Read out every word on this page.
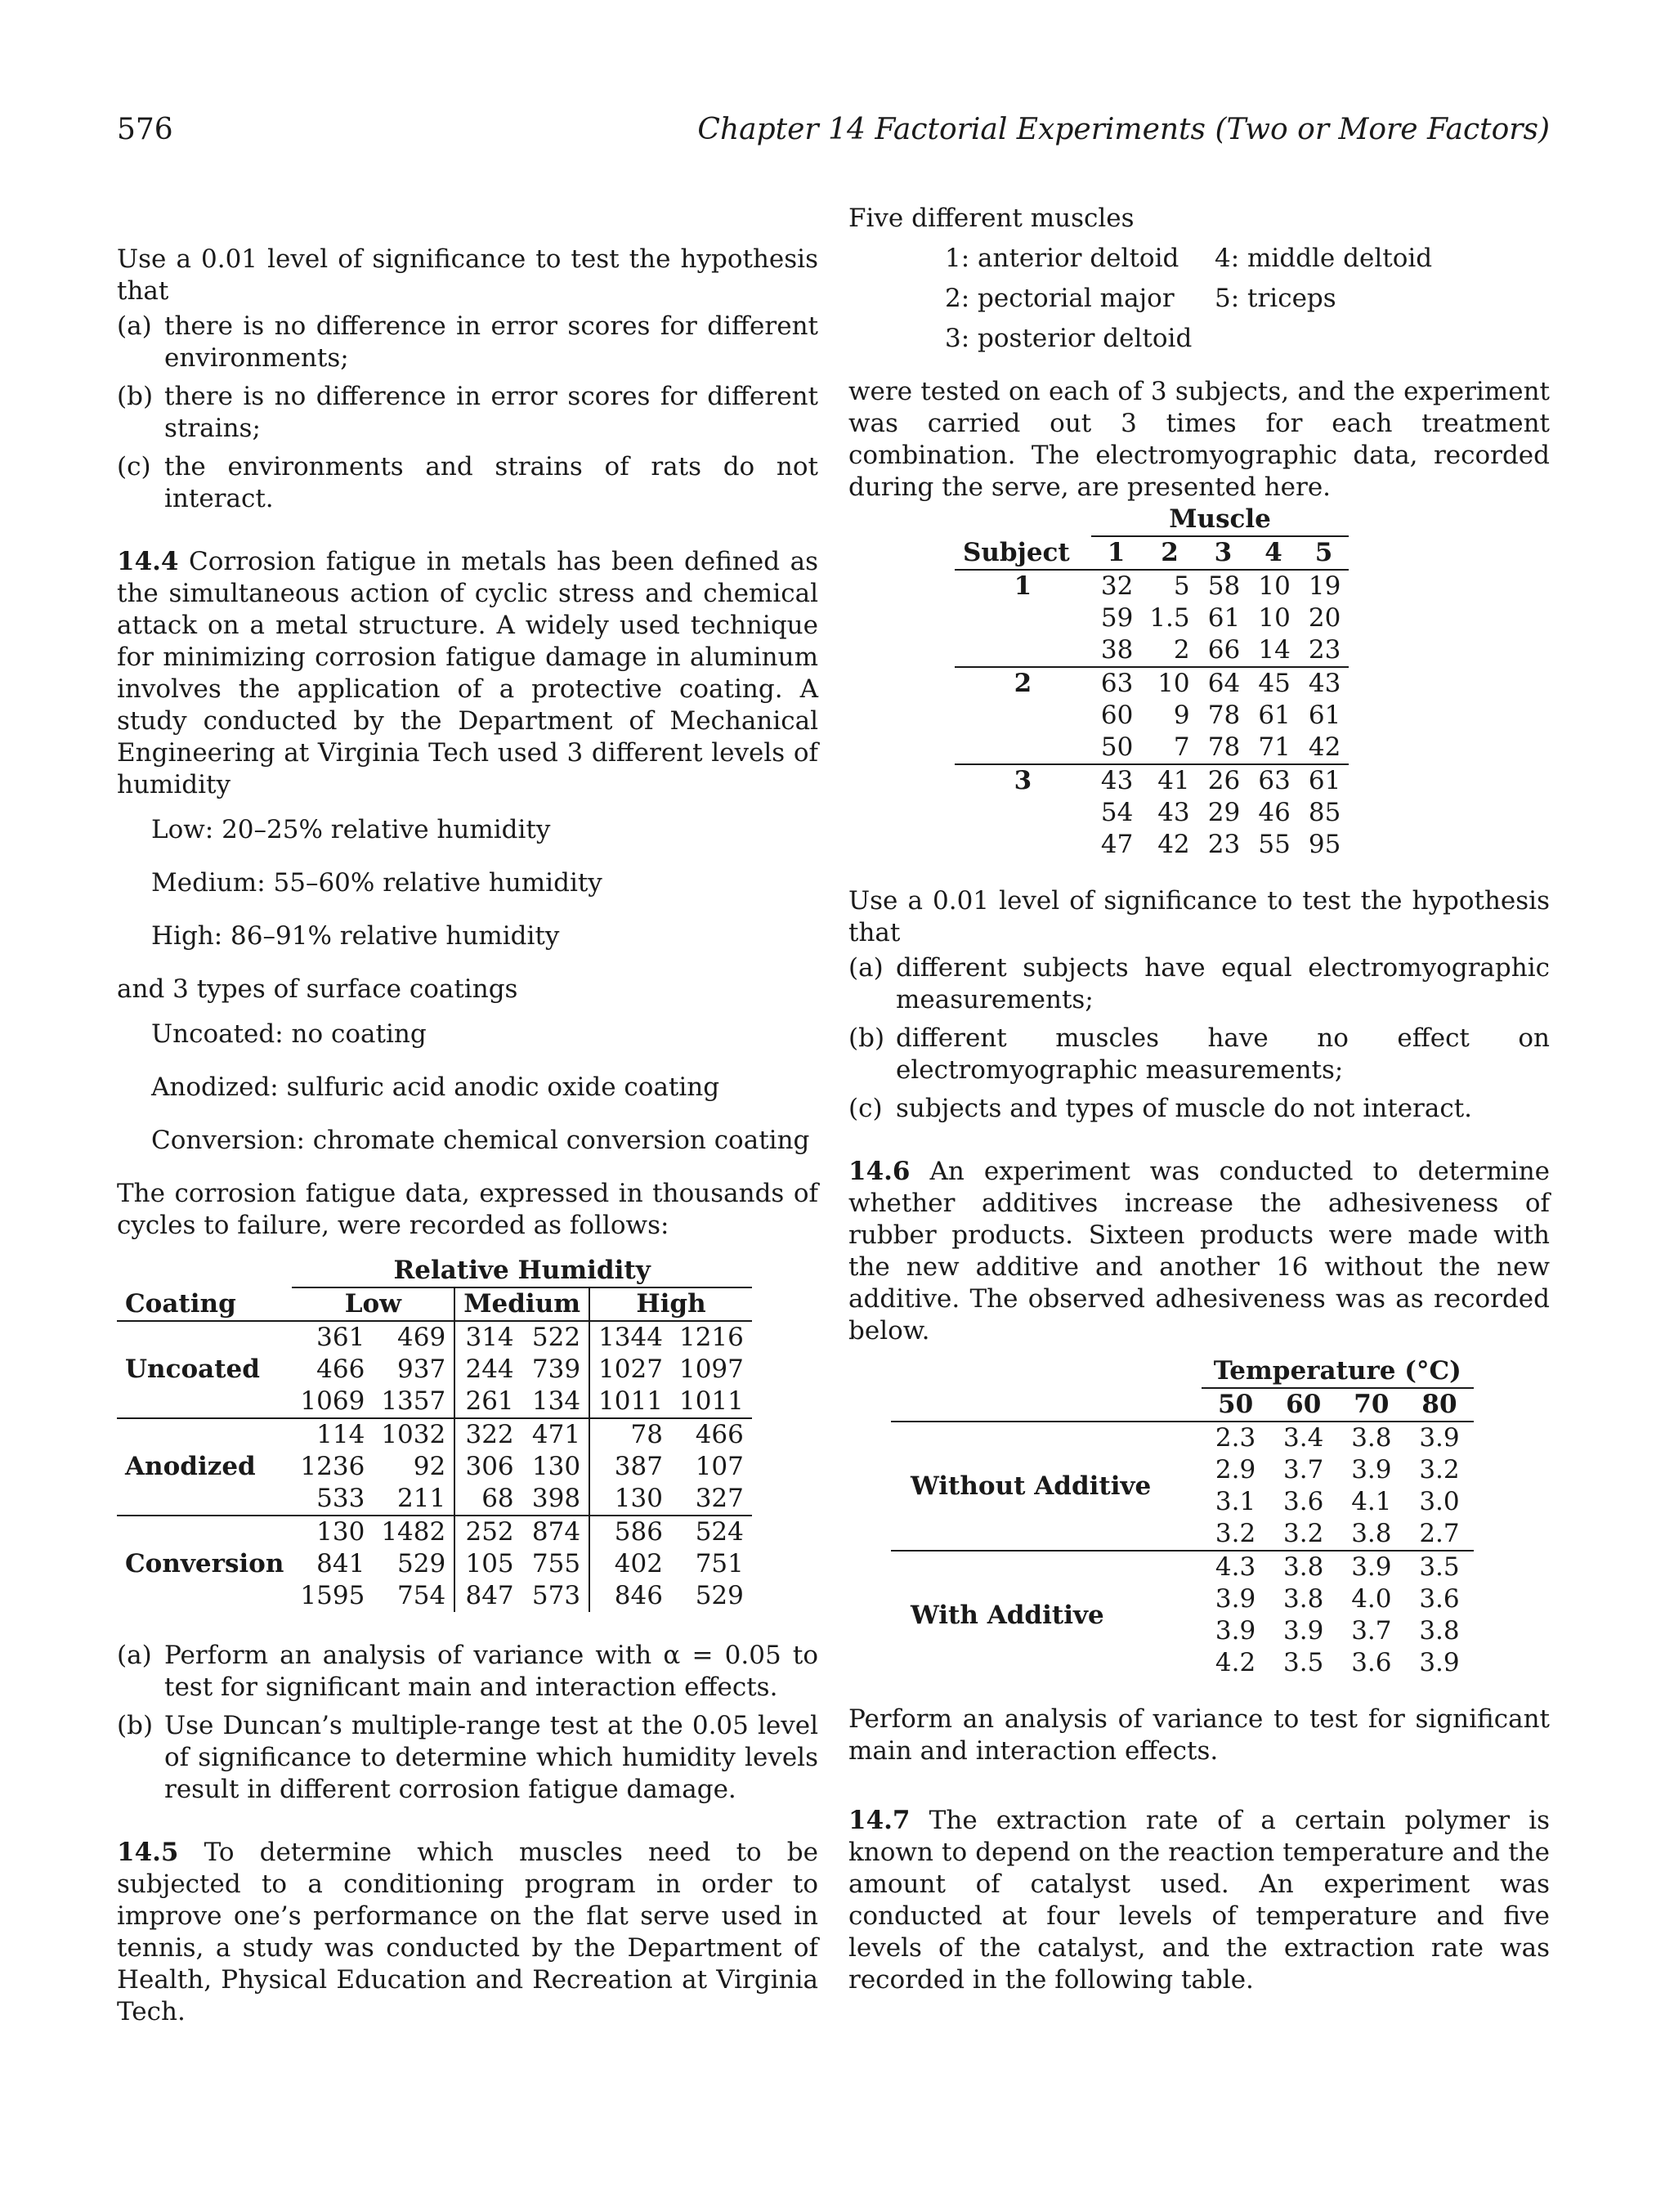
576	Chapter 14 Factorial Experiments (Two or More Factors)

Use a 0.01 level of significance to test the hypothesis that

(a) there is no difference in error scores for different environments;
(b) there is no difference in error scores for different strains;
(c) the environments and strains of rats do not interact.

14.4 Corrosion fatigue in metals has been defined as the simultaneous action of cyclic stress and chemical attack on a metal structure. A widely used technique for minimizing corrosion fatigue damage in aluminum involves the application of a protective coating. A study conducted by the Department of Mechanical Engineering at Virginia Tech used 3 different levels of humidity

Low: 20–25% relative humidity
Medium: 55–60% relative humidity
High: 86–91% relative humidity

and 3 types of surface coatings

Uncoated: no coating
Anodized: sulfuric acid anodic oxide coating
Conversion: chromate chemical conversion coating

The corrosion fatigue data, expressed in thousands of cycles to failure, were recorded as follows:

	Relative Humidity					
Coating	Low		Medium		High	
Uncoated	361	469	314	522	1344	1216
	466	937	244	739	1027	1097
	1069	1357	261	134	1011	1011
Anodized	114	1032	322	471	78	466
	1236	92	306	130	387	107
	533	211	68	398	130	327
Conversion	130	1482	252	874	586	524
	841	529	105	755	402	751
	1595	754	847	573	846	529
(a) Perform an analysis of variance with α = 0.05 to test for significant main and interaction effects.
(b) Use Duncan’s multiple-range test at the 0.05 level of significance to determine which humidity levels result in different corrosion fatigue damage.

14.5 To determine which muscles need to be subjected to a conditioning program in order to improve one’s performance on the flat serve used in tennis, a study was conducted by the Department of Health, Physical Education and Recreation at Virginia Tech.

Five different muscles

1: anterior deltoid	4: middle deltoid
2: pectorial major	5: triceps
3: posterior deltoid

were tested on each of 3 subjects, and the experiment was carried out 3 times for each treatment combination. The electromyographic data, recorded during the serve, are presented here.

	Muscle				
Subject	1	2	3	4	5
1	32	5	58	10	19
	59	1.5	61	10	20
	38	2	66	14	23
2	63	10	64	45	43
	60	9	78	61	61
	50	7	78	71	42
3	43	41	26	63	61
	54	43	29	46	85
	47	42	23	55	95

Use a 0.01 level of significance to test the hypothesis that

(a) different subjects have equal electromyographic measurements;
(b) different muscles have no effect on electromyographic measurements;
(c) subjects and types of muscle do not interact.

14.6 An experiment was conducted to determine whether additives increase the adhesiveness of rubber products. Sixteen products were made with the new additive and another 16 without the new additive. The observed adhesiveness was as recorded below.

	Temperature (°C)			
	50	60	70	80
Without Additive	2.3	3.4	3.8	3.9
	2.9	3.7	3.9	3.2
	3.1	3.6	4.1	3.0
	3.2	3.2	3.8	2.7
With Additive	4.3	3.8	3.9	3.5
	3.9	3.8	4.0	3.6
	3.9	3.9	3.7	3.8
	4.2	3.5	3.6	3.9

Perform an analysis of variance to test for significant main and interaction effects.

14.7 The extraction rate of a certain polymer is known to depend on the reaction temperature and the amount of catalyst used. An experiment was conducted at four levels of temperature and five levels of the catalyst, and the extraction rate was recorded in the following table.
